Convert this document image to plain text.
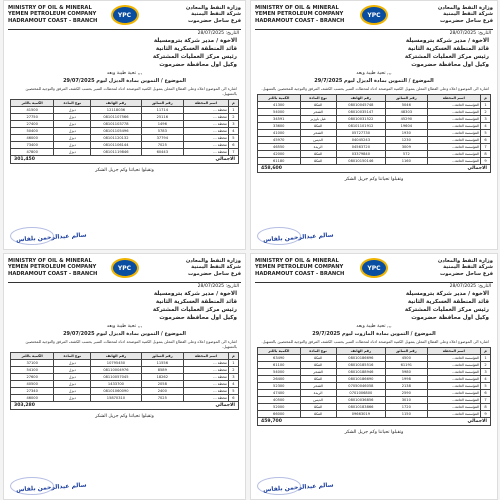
MINISTRY OF OIL & MINERAL
YEMEN PETROLEUM COMPANY
HADRAMOUT COAST - BRANCH
YPC
وزارة النفط والمعادن
شركة النفط اليمنية
فرع ساحل حضرموت
التاريخ: 28/07/2025
الاخوة / مدير شركة بترومسيلة
قائد المنطقة العسكرية الثانية
رئيس مركز العمليات المشتركة
وكيل اول محافظة حضرموت
تحية طيبة وبعد ,,,
الموضوع / التموين بمادة الديزل ليوم 29/07/2025
اشارة الى الموضوع اعلاه وعلى القطاع المعلن بتمويل الكمية الموضحة ادناه لمحطات السير بحسب الكشف المرفق والتوجيه للمختصين بالتسهيل.
م	اسم المحطة	رقم السائق	رقم الهاتف	نوع المادة	الكمية باللتر
1	محطة ...	11714	12118036	ديزل	41500
2	محطة ...	25116	08101107566	ديزل	27750
3	محطة ...	1496	08101103778	ديزل	27400
4	محطة ...	5783	08101105496	ديزل	50400
5	محطة ...	37794	08101120132	ديزل	46000
6	محطة ...	7025	08101106144	ديزل	73400
7	محطة ...	60443	08101119846	ديزل	47800
الاجمالي
301,450
وتقبلوا تحياتنا وكم جزيل الشكر
سالم عبدالرحمن بلفاس
MINISTRY OF OIL & MINERAL
YEMEN PETROLEUM COMPANY
HADRAMOUT COAST - BRANCH
YPC
وزارة النفط والمعادن
شركة النفط اليمنية
فرع ساحل حضرموت
التاريخ: 28/07/2025
الاخوة / مدير شركة بترومسيلة
قائد المنطقة العسكرية الثانية
رئيس مركز العمليات المشتركة
وكيل اول محافظة حضرموت
تحية طيبة وبعد ,,,
الموضوع / التموين بمادة الديزل ليوم 29/7/2025
اشارة الى الموضوع اعلاه وعلى القطاع المعلن بتمويل الكمية الموضحة ادناه لمحطات السير بحسب الكشف المرفق والتوجيه للمختصين بالتسهيل.
م	اسم المحطة	رقم السائق	رقم الهاتف	نوع المادة	الكمية باللتر
1	المؤسسة العامة...	5046	08010045748	المكلا	41300
2	المؤسسة العامة...	48303	08010035147	الشحر	54000
3	المؤسسة العامة...	45290	08010031522	غيل باوزير	34591
4	المؤسسة العامة...	19604	08101101912	المكلا	33600
5	المؤسسة العامة...	1930	05727730	الشحر	41000
6	المؤسسة العامة...	1230	04045243	الديس	45970
7	المؤسسة العامة...	3009	04563720	الريدة	46550
8	المؤسسة العامة...	572	03379840	المكلا	42000
9	المؤسسة العامة...	1160	08010150146	المكلا	61180
الاجمالي
458,600
وتقبلوا تحياتنا وكم جزيل الشكر
سالم عبدالرحمن بلفاس
MINISTRY OF OIL & MINERAL
YEMEN PETROLEUM COMPANY
HADRAMOUT COAST - BRANCH
YPC
وزارة النفط والمعادن
شركة النفط اليمنية
فرع ساحل حضرموت
التاريخ: 28/07/2025
الاخوة / مدير شركة بترومسيلة
قائد المنطقة العسكرية الثانية
رئيس مركز العمليات المشتركة
وكيل اول محافظة حضرموت
تحية طيبة وبعد ,,,
الموضوع / التموين بمادة الديزل ليوم 29/07/2025
اشارة الى الموضوع اعلاه وعلى القطاع المعلن بتمويل الكمية الموضحة ادناه لمحطات السير بحسب الكشف المرفق والتوجيه للمختصين بالتسهيل.
م	اسم المحطة	رقم السائق	رقم الهاتف	نوع المادة	الكمية باللتر
1	محطة ...	11556	10795450	ديزل	37100
2	محطة ...	8589	08110004976	ديزل	54100
3	محطة ...	18262	08110057045	ديزل	27600
4	محطة ...	2058	1433700	ديزل	40500
5	محطة ...	2400	08101060090	ديزل	27340
6	محطة ...	7025	15870310	ديزل	46000
الاجمالي
303,280
وتقبلوا تحياتنا وكم جزيل الشكر
سالم عبدالرحمن بلفاس
MINISTRY OF OIL & MINERAL
YEMEN PETROLEUM COMPANY
HADRAMOUT COAST - BRANCH
YPC
وزارة النفط والمعادن
شركة النفط اليمنية
فرع ساحل حضرموت
التاريخ: 28/07/2025
الاخوة / مدير شركة بترومسيلة
قائد المنطقة العسكرية الثانية
رئيس مركز العمليات المشتركة
وكيل اول محافظة حضرموت
تحية طيبة وبعد ,,,
الموضوع / التموين بمادة المازوت ليوم 29/7/2025
اشارة الى الموضوع اعلاه وعلى القطاع المعلن بتمويل الكمية الموضحة ادناه لمحطات السير بحسب الكشف المرفق والتوجيه للمختصين بالتسهيل.
م	اسم المحطة	رقم السائق	رقم الهاتف	نوع المادة	الكمية باللتر
1	المؤسسة العامة...	4500	08010186696	المكلا	63490
2	المؤسسة العامة...	61191	08010185516	المكلا	61100
3	المؤسسة العامة...	5980	08010188946	الشحر	54000
4	المؤسسة العامة...	1998	08010186690	المكلا	26400
5	المؤسسة العامة...	2138	07050046058	الشحر	52300
6	المؤسسة العامة...	2590	0701006800	الريدة	47400
7	المؤسسة العامة...	3010	08010036856	الديس	40500
8	المؤسسة العامة...	1720	08010183866	المكلا	52000
9	المؤسسة العامة...	1150	09663019	المكلا	66000
الاجمالي
459,700
وتقبلوا تحياتنا وكم جزيل الشكر
سالم عبدالرحمن بلفاس
